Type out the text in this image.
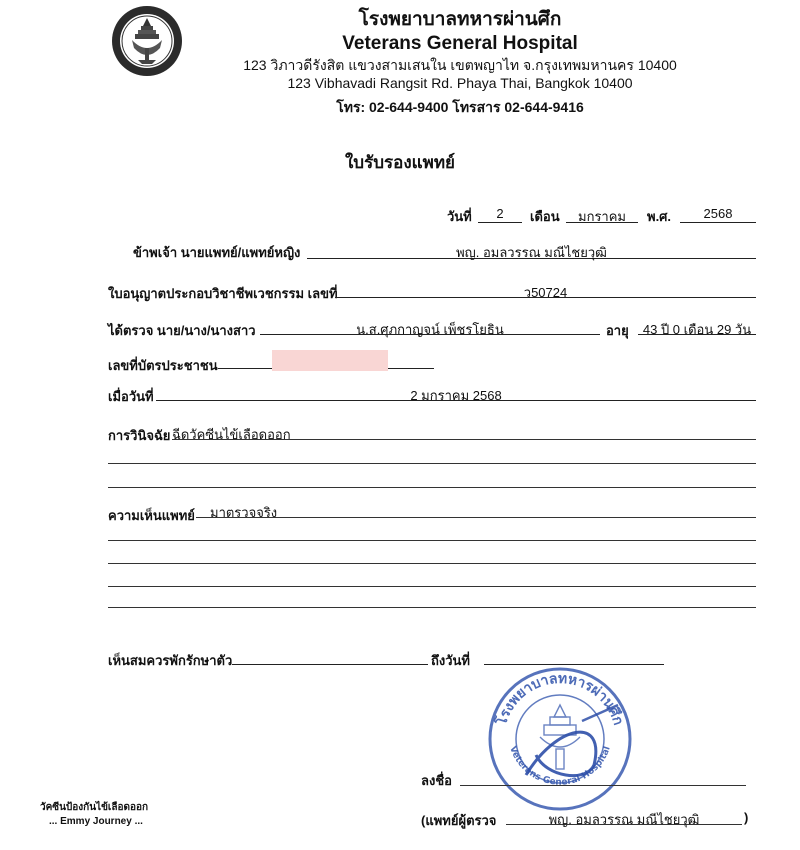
โรงพยาบาลทหารผ่านศึก
Veterans General Hospital
123 วิภาวดีรังสิต แขวงสามเสนใน เขตพญาไท จ.กรุงเทพมหานคร 10400
123 Vibhavadi Rangsit Rd. Phaya Thai, Bangkok 10400
โทร: 02-644-9400 โทรสาร 02-644-9416
ใบรับรองแพทย์
วันที่	2	เดือน	มกราคม	พ.ศ.	2568
ข้าพเจ้า นายแพทย์/แพทย์หญิง	พญ. อมลวรรณ มณีไชยวุฒิ
ใบอนุญาตประกอบวิชาชีพเวชกรรม เลขที่	ว50724
ได้ตรวจ นาย/นาง/นางสาว	น.ส.ศุภกาญจน์ เพ็ชรโยธิน	อายุ	43 ปี 0 เดือน 29 วัน
เลขที่บัตรประชาชน
เมื่อวันที่	2 มกราคม 2568
การวินิจฉัย ฉีดวัคซีนไข้เลือดออก
ความเห็นแพทย์ มาตรวจจริง
เห็นสมควรพักรักษาตัว	ถึงวันที่
โรงพยาบาลทหารผ่านศึก
Veterans General Hospital
ลงชื่อ
(แพทย์ผู้ตรวจ	พญ. อมลวรรณ มณีไชยวุฒิ	)
วัคซีนป้องกันไข้เลือดออก
... Emmy Journey ...
